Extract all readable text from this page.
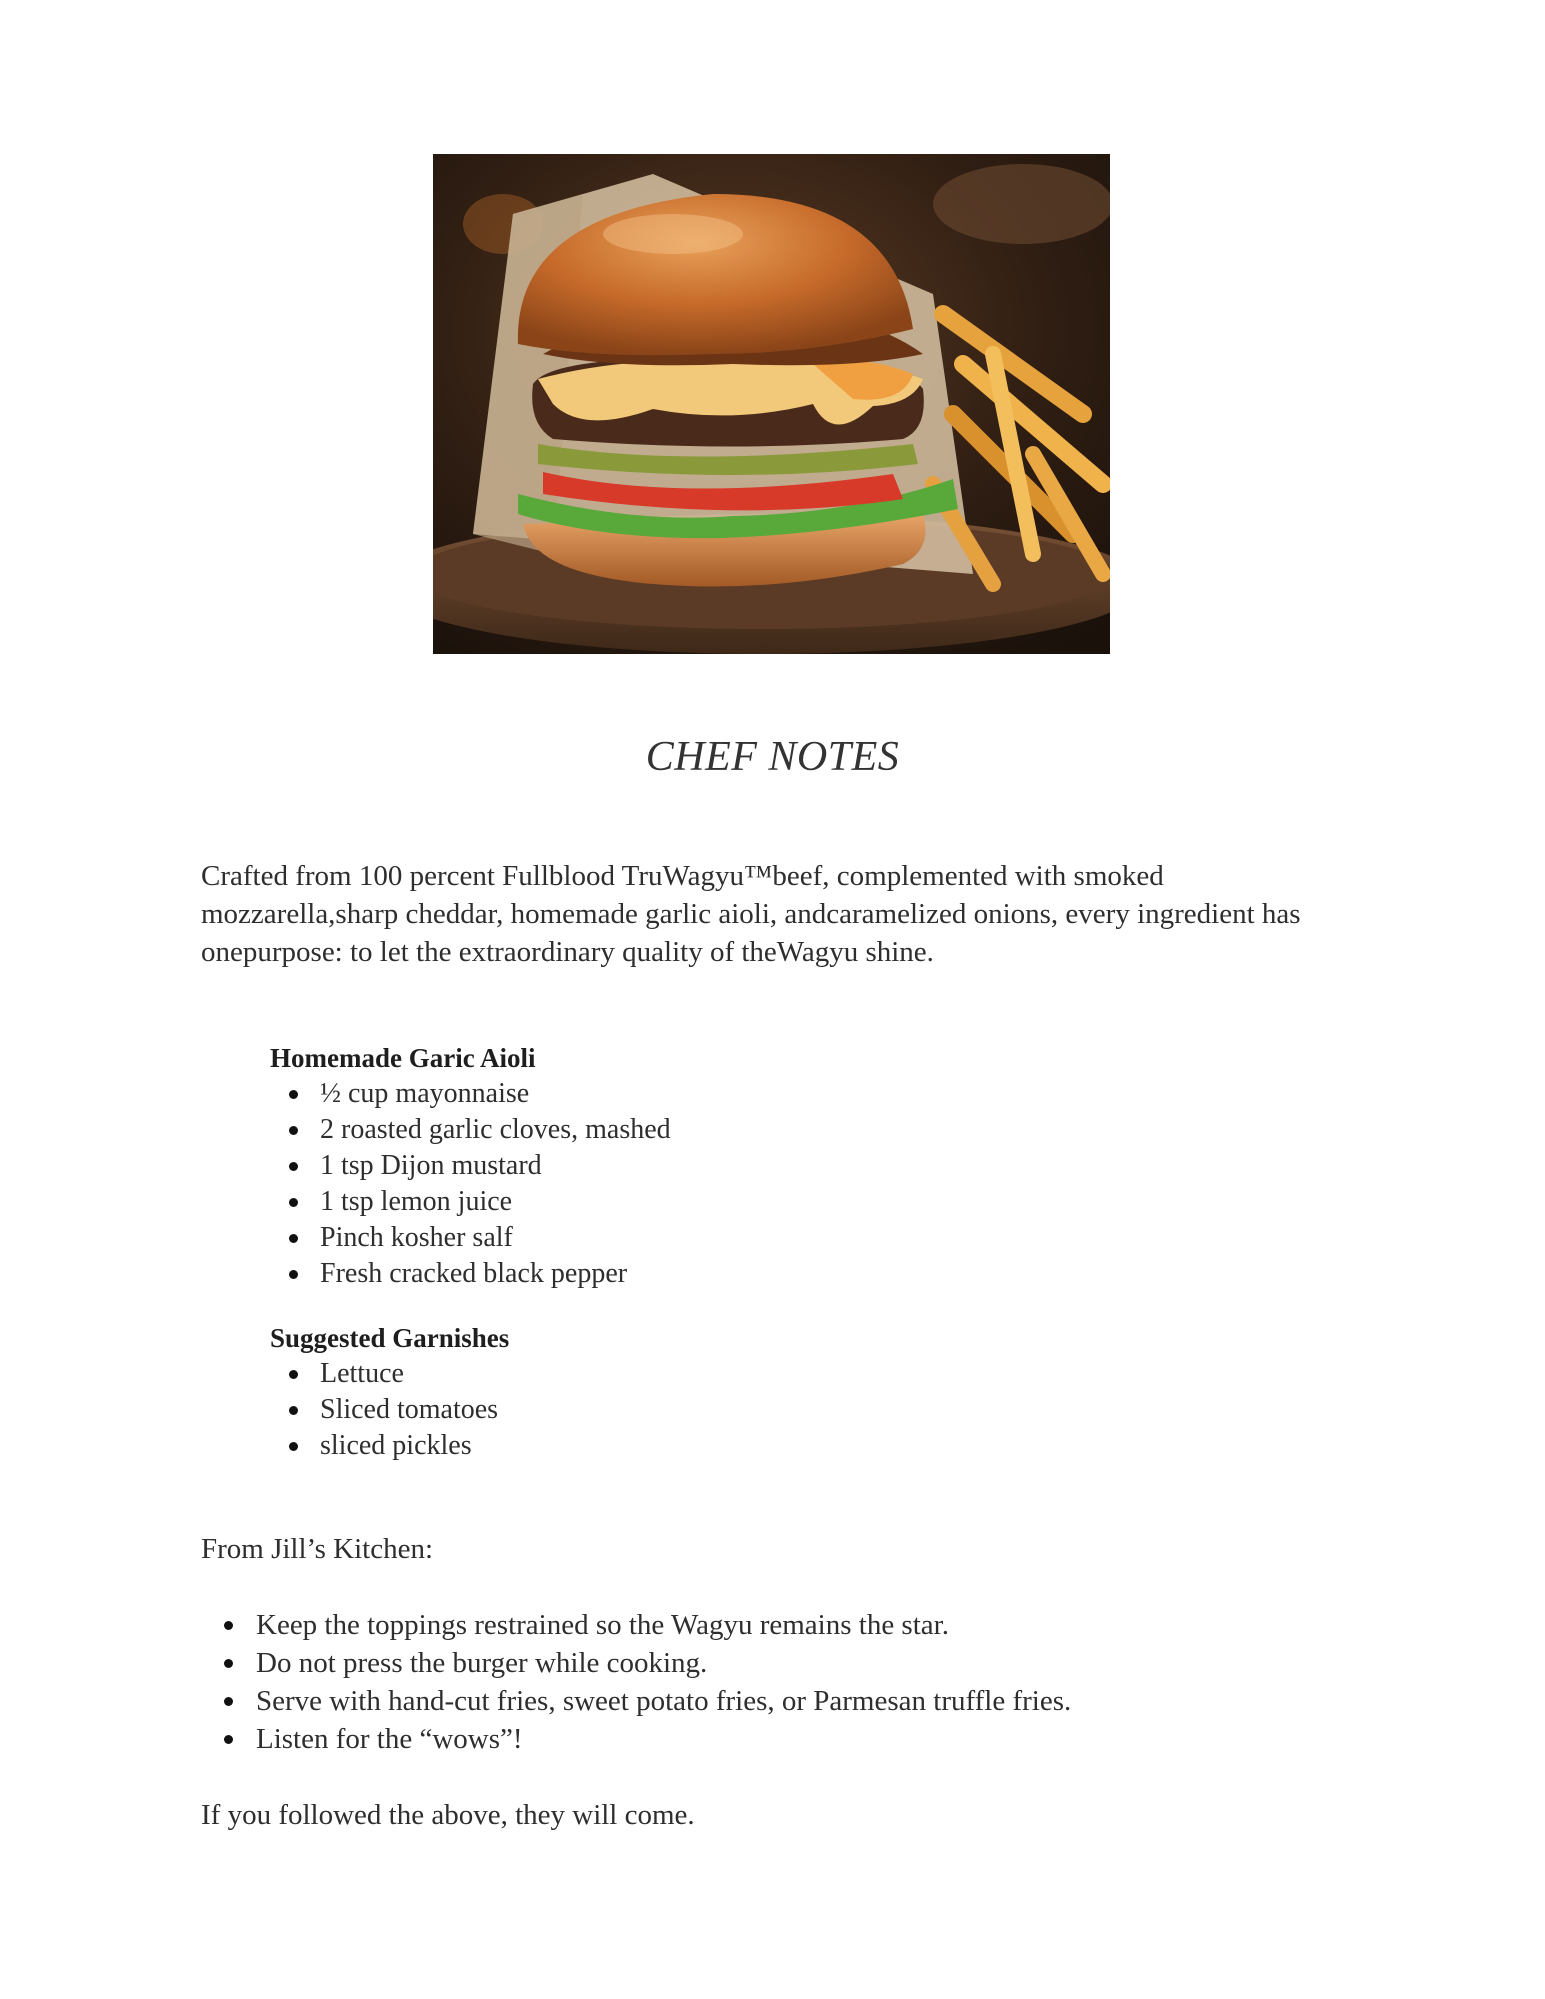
CHEF NOTES
Crafted from 100 percent Fullblood TruWagyu™beef, complemented with smoked mozzarella,sharp cheddar, homemade garlic aioli, andcaramelized onions, every ingredient has onepurpose: to let the extraordinary quality of theWagyu shine.
Homemade Garic Aioli
½ cup mayonnaise
2 roasted garlic cloves, mashed
1 tsp Dijon mustard
1 tsp lemon juice
Pinch kosher salf
Fresh cracked black pepper
Suggested Garnishes
Lettuce
Sliced tomatoes
sliced pickles
From Jill’s Kitchen:
Keep the toppings restrained so the Wagyu remains the star.
Do not press the burger while cooking.
Serve with hand-cut fries, sweet potato fries, or Parmesan truffle fries.
Listen for the “wows”!
If you followed the above, they will come.
